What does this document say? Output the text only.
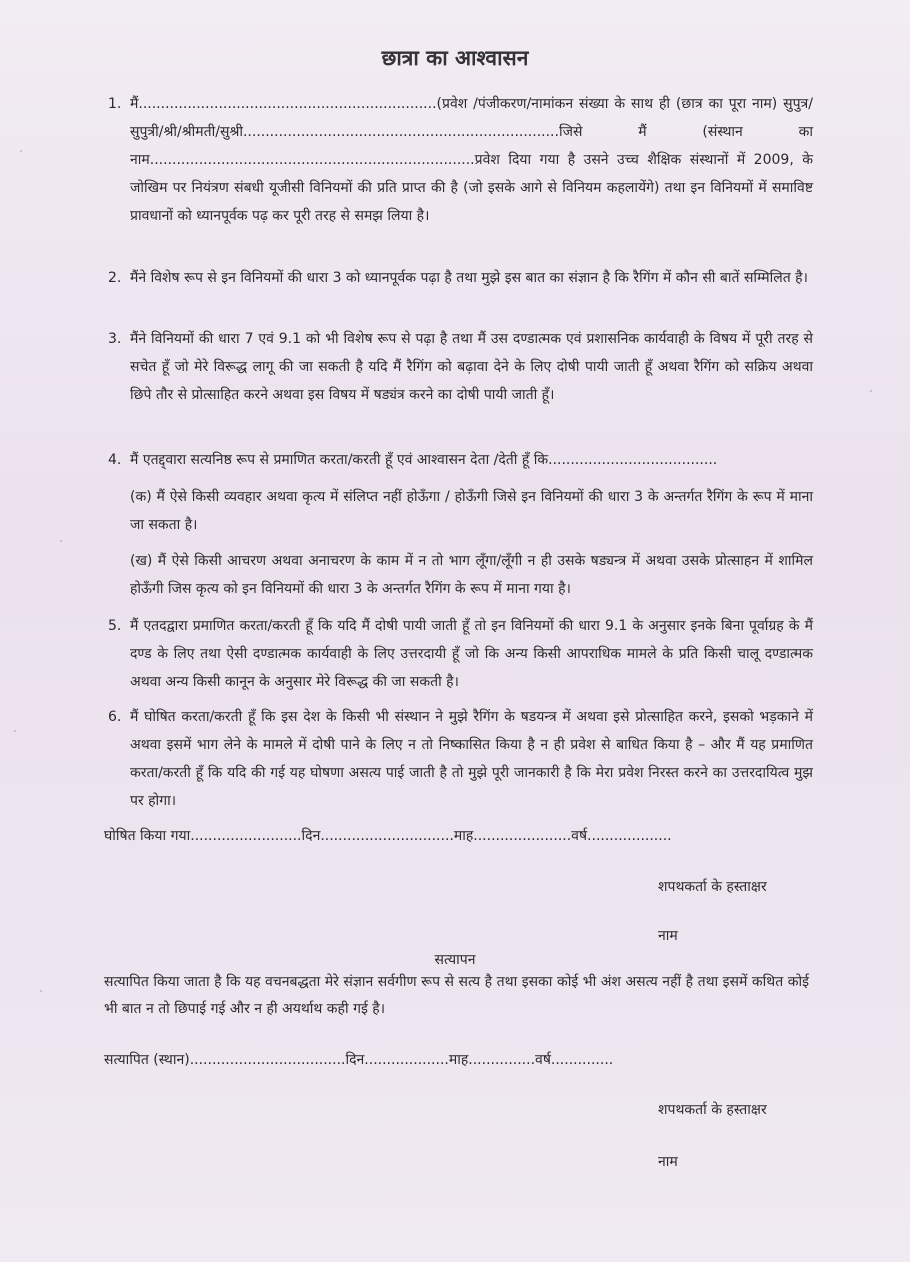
छात्रा का आश्वासन
1. मैं...................................................................(प्रवेश /पंजीकरण/नामांकन संख्या के साथ ही (छात्र का पूरा नाम) सुपुत्र/सुपुत्री/श्री/श्रीमती/सुश्री.......................................................................जिसे मैं (संस्थान का नाम.........................................................................प्रवेश दिया गया है उसने उच्च शैक्षिक संस्थानों में 2009, के जोखिम पर नियंत्रण संबधी यूजीसी विनियमों की प्रति प्राप्त की है (जो इसके आगे से विनियम कहलायेंगे) तथा इन विनियमों में समाविष्ट प्रावधानों को ध्यानपूर्वक पढ़ कर पूरी तरह से समझ लिया है।
2. मैंने विशेष रूप से इन विनियमों की धारा 3 को ध्यानपूर्वक पढ़ा है तथा मुझे इस बात का संज्ञान है कि रैगिंग में कौन सी बातें सम्मिलित है।
3. मैंने विनियमों की धारा 7 एवं 9.1 को भी विशेष रूप से पढ़ा है तथा मैं उस दण्डात्मक एवं प्रशासनिक कार्यवाही के विषय में पूरी तरह से सचेत हूँ जो मेरे विरूद्ध लागू की जा सकती है यदि मैं रैगिंग को बढ़ावा देने के लिए दोषी पायी जाती हूँ अथवा रैगिंग को सक्रिय अथवा छिपे तौर से प्रोत्साहित करने अथवा इस विषय में षड्यंत्र करने का दोषी पायी जाती हूँ।
4. मैं एतद्द्वारा सत्यनिष्ठ रूप से प्रमाणित करता/करती हूँ एवं आश्वासन देता /देती हूँ कि......................................
(क) मैं ऐसे किसी व्यवहार अथवा कृत्य में संलिप्त नहीं होऊँगा / होऊँगी जिसे इन विनियमों की धारा 3 के अन्तर्गत रैगिंग के रूप में माना जा सकता है।
(ख) मैं ऐसे किसी आचरण अथवा अनाचरण के काम में न तो भाग लूँगा/लूँगी न ही उसके षड्यन्त्र में अथवा उसके प्रोत्साहन में शामिल होऊँगी जिस कृत्य को इन विनियमों की धारा 3 के अन्तर्गत रैगिंग के रूप में माना गया है।
5. मैं एतदद्वारा प्रमाणित करता/करती हूँ कि यदि मैं दोषी पायी जाती हूँ तो इन विनियमों की धारा 9.1 के अनुसार इनके बिना पूर्वाग्रह के मैं दण्ड के लिए तथा ऐसी दण्डात्मक कार्यवाही के लिए उत्तरदायी हूँ जो कि अन्य किसी आपराधिक मामले के प्रति किसी चालू दण्डात्मक अथवा अन्य किसी कानून के अनुसार मेरे विरूद्ध की जा सकती है।
6. मैं घोषित करता/करती हूँ कि इस देश के किसी भी संस्थान ने मुझे रैगिंग के षडयन्त्र में अथवा इसे प्रोत्साहित करने, इसको भड़काने में अथवा इसमें भाग लेने के मामले में दोषी पाने के लिए न तो निष्कासित किया है न ही प्रवेश से बाधित किया है – और मैं यह प्रमाणित करता/करती हूँ कि यदि की गई यह घोषणा असत्य पाई जाती है तो मुझे पूरी जानकारी है कि मेरा प्रवेश निरस्त करने का उत्तरदायित्व मुझ पर होगा।
घोषित किया गया.........................दिन..............................माह......................वर्ष...................
शपथकर्ता के हस्ताक्षर
नाम
सत्यापन
सत्यापित किया जाता है कि यह वचनबद्धता मेरे संज्ञान सर्वगीण रूप से सत्य है तथा इसका कोई भी अंश असत्य नहीं है तथा इसमें कथित कोई भी बात न तो छिपाई गई और न ही अयर्थाथ कही गई है।
सत्यापित (स्थान)...................................दिन...................माह...............वर्ष..............
शपथकर्ता के हस्ताक्षर
नाम
